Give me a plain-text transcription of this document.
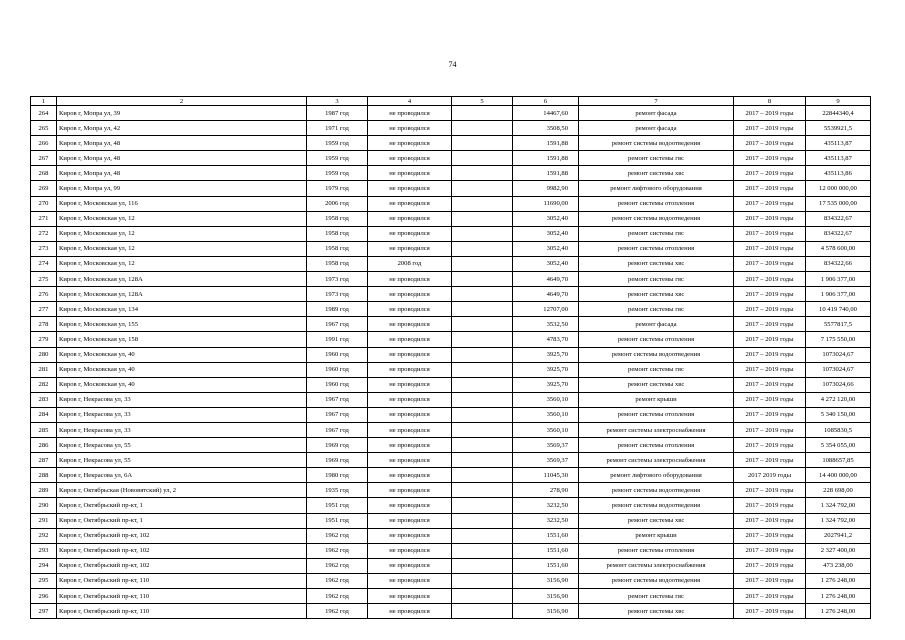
74
1	2	3	4	5	6	7	8	9
264	Киров г, Мопра ул, 39	1987 год	не проводился		14467,60	ремонт фасада	2017 – 2019 годы	22844340,4
265	Киров г, Мопра ул, 42	1971 год	не проводился		3508,50	ремонт фасада	2017 – 2019 годы	5539921,5
266	Киров г, Мопра ул, 48	1959 год	не проводился		1591,88	ремонт системы водоотведения	2017 – 2019 годы	435113,87
267	Киров г, Мопра ул, 48	1959 год	не проводился		1591,88	ремонт системы гвс	2017 – 2019 годы	435113,87
268	Киров г, Мопра ул, 48	1959 год	не проводился		1591,88	ремонт системы хвс	2017 – 2019 годы	435113,86
269	Киров г, Мопра ул, 99	1979 год	не проводился		9982,90	ремонт лифтового оборудования	2017 – 2019 годы	12 000 000,00
270	Киров г, Московская ул, 116	2006 год	не проводился		11690,00	ремонт системы отопления	2017 – 2019 годы	17 535 000,00
271	Киров г, Московская ул, 12	1958 год	не проводился		3052,40	ремонт системы водоотведения	2017 – 2019 годы	834322,67
272	Киров г, Московская ул, 12	1958 год	не проводился		3052,40	ремонт системы гвс	2017 – 2019 годы	834322,67
273	Киров г, Московская ул, 12	1958 год	не проводился		3052,40	ремонт системы отопления	2017 – 2019 годы	4 578 600,00
274	Киров г, Московская ул, 12	1958 год	2008 год		3052,40	ремонт системы хвс	2017 – 2019 годы	834322,66
275	Киров г, Московская ул, 128А	1973 год	не проводился		4649,70	ремонт системы гвс	2017 – 2019 годы	1 906 377,00
276	Киров г, Московская ул, 128А	1973 год	не проводился		4649,70	ремонт системы хвс	2017 – 2019 годы	1 906 377,00
277	Киров г, Московская ул, 134	1989 год	не проводился		12707,00	ремонт системы гвс	2017 – 2019 годы	10 419 740,00
278	Киров г, Московская ул, 155	1967 год	не проводился		3532,50	ремонт фасада	2017 – 2019 годы	5577817,5
279	Киров г, Московская ул, 158	1991 год	не проводился		4783,70	ремонт системы отопления	2017 – 2019 годы	7 175 550,00
280	Киров г, Московская ул, 40	1960 год	не проводился		3925,70	ремонт системы водоотведения	2017 – 2019 годы	1073024,67
281	Киров г, Московская ул, 40	1960 год	не проводился		3925,70	ремонт системы гвс	2017 – 2019 годы	1073024,67
282	Киров г, Московская ул, 40	1960 год	не проводился		3925,70	ремонт системы хвс	2017 – 2019 годы	1073024,66
283	Киров г, Некрасова ул, 33	1967 год	не проводился		3560,10	ремонт крыши	2017 – 2019 годы	4 272 120,00
284	Киров г, Некрасова ул, 33	1967 год	не проводился		3560,10	ремонт системы отопления	2017 – 2019 годы	5 340 150,00
285	Киров г, Некрасова ул, 33	1967 год	не проводился		3560,10	ремонт системы электроснабжения	2017 – 2019 годы	1085830,5
286	Киров г, Некрасова ул, 55	1969 год	не проводился		3569,37	ремонт системы отопления	2017 – 2019 годы	5 354 055,00
287	Киров г, Некрасова ул, 55	1969 год	не проводился		3569,37	ремонт системы электроснабжения	2017 – 2019 годы	1088657,85
288	Киров г, Некрасова ул, 6А	1980 год	не проводился		11045,30	ремонт лифтового оборудования	2017 2019 годы	14 400 000,00
289	Киров г, Октябрьская (Нововятский) ул, 2	1935 год	не проводился		278,90	ремонт системы водоотведения	2017 – 2019 годы	228 698,00
290	Киров г, Октябрьский пр-кт, 1	1951 год	не проводился		3232,50	ремонт системы водоотведения	2017 – 2019 годы	1 324 792,00
291	Киров г, Октябрьский пр-кт, 1	1951 год	не проводился		3232,50	ремонт системы хвс	2017 – 2019 годы	1 324 792,00
292	Киров г, Октябрьский пр-кт, 102	1962 год	не проводился		1551,60	ремонт крыши	2017 – 2019 годы	2027941,2
293	Киров г, Октябрьский пр-кт, 102	1962 год	не проводился		1551,60	ремонт системы отопления	2017 – 2019 годы	2 327 400,00
294	Киров г, Октябрьский пр-кт, 102	1962 год	не проводился		1551,60	ремонт системы электроснабжения	2017 – 2019 годы	473 238,00
295	Киров г, Октябрьский пр-кт, 110	1962 год	не проводился		3156,90	ремонт системы водоотведения	2017 – 2019 годы	1 276 248,00
296	Киров г, Октябрьский пр-кт, 110	1962 год	не проводился		3156,90	ремонт системы гвс	2017 – 2019 годы	1 276 248,00
297	Киров г, Октябрьский пр-кт, 110	1962 год	не проводился		3156,90	ремонт системы хвс	2017 – 2019 годы	1 276 248,00
